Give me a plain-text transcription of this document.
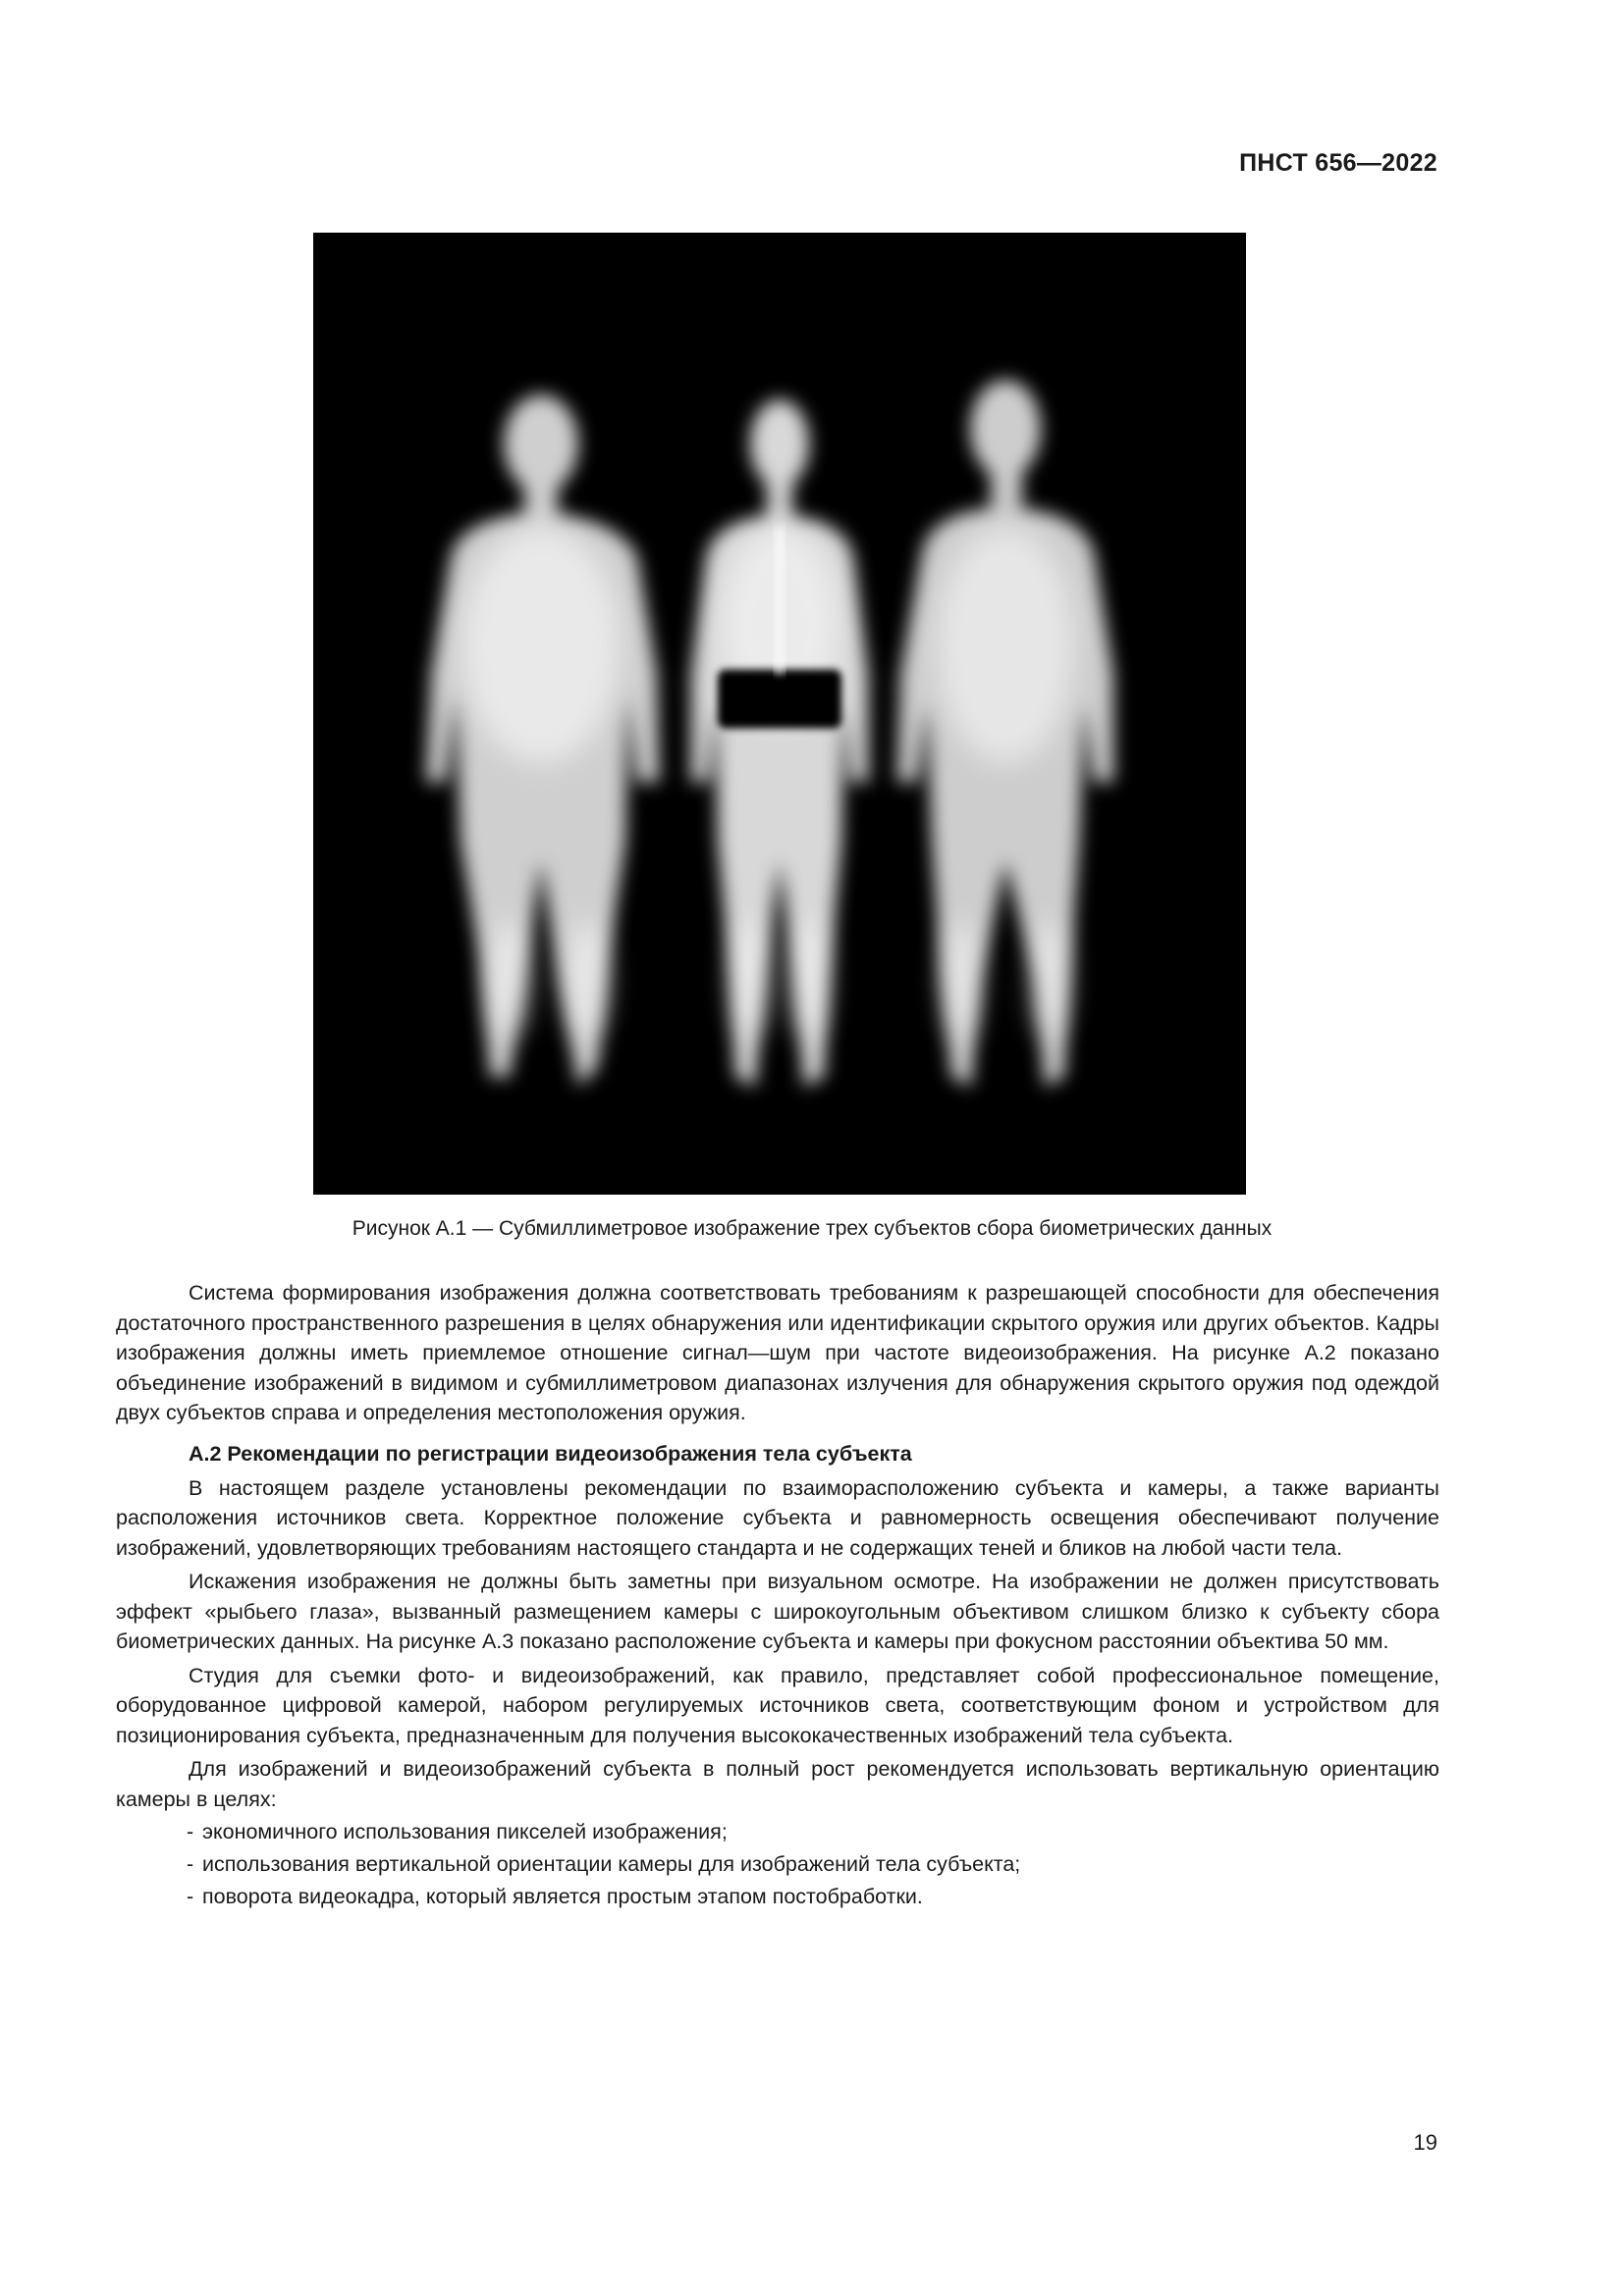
ПНСТ 656—2022
Рисунок А.1 — Субмиллиметровое изображение трех субъектов сбора биометрических данных

Система формирования изображения должна соответствовать требованиям к разрешающей способности для обеспечения достаточного пространственного разрешения в целях обнаружения или идентификации скрытого оружия или других объектов. Кадры изображения должны иметь приемлемое отношение сигнал—шум при частоте видеоизображения. На рисунке А.2 показано объединение изображений в видимом и субмиллиметровом диапазонах излучения для обнаружения скрытого оружия под одеждой двух субъектов справа и определения местоположения оружия.

А.2 Рекомендации по регистрации видеоизображения тела субъекта

В настоящем разделе установлены рекомендации по взаиморасположению субъекта и камеры, а также варианты расположения источников света. Корректное положение субъекта и равномерность освещения обеспечивают получение изображений, удовлетворяющих требованиям настоящего стандарта и не содержащих теней и бликов на любой части тела.

Искажения изображения не должны быть заметны при визуальном осмотре. На изображении не должен присутствовать эффект «рыбьего глаза», вызванный размещением камеры с широкоугольным объективом слишком близко к субъекту сбора биометрических данных. На рисунке А.3 показано расположение субъекта и камеры при фокусном расстоянии объектива 50 мм.

Студия для съемки фото- и видеоизображений, как правило, представляет собой профессиональное помещение, оборудованное цифровой камерой, набором регулируемых источников света, соответствующим фоном и устройством для позиционирования субъекта, предназначенным для получения высококачественных изображений тела субъекта.

Для изображений и видеоизображений субъекта в полный рост рекомендуется использовать вертикальную ориентацию камеры в целях:

- экономичного использования пикселей изображения;
- использования вертикальной ориентации камеры для изображений тела субъекта;
- поворота видеокадра, который является простым этапом постобработки.
19
